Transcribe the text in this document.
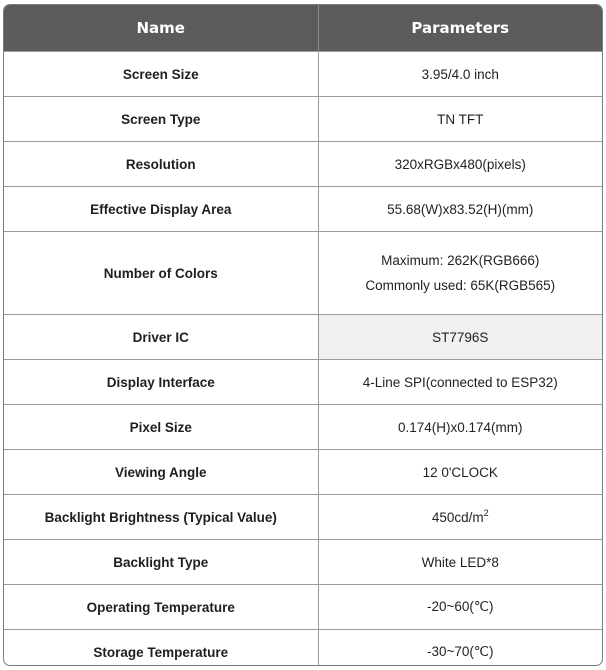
Name	Parameters
Screen Size	3.95/4.0 inch
Screen Type	TN TFT
Resolution	320xRGBx480(pixels)
Effective Display Area	55.68(W)x83.52(H)(mm)
Number of Colors	Maximum: 262K(RGB666)
Commonly used: 65K(RGB565)

Driver IC	ST7796S
Display Interface	4-Line SPI(connected to ESP32)
Pixel Size	0.174(H)x0.174(mm)
Viewing Angle	12 0'CLOCK
Backlight Brightness (Typical Value)	$450cd/m^2$
Backlight Type	White LED*8
Operating Temperature	-20~60(℃)
Storage Temperature	-30~70(℃)
